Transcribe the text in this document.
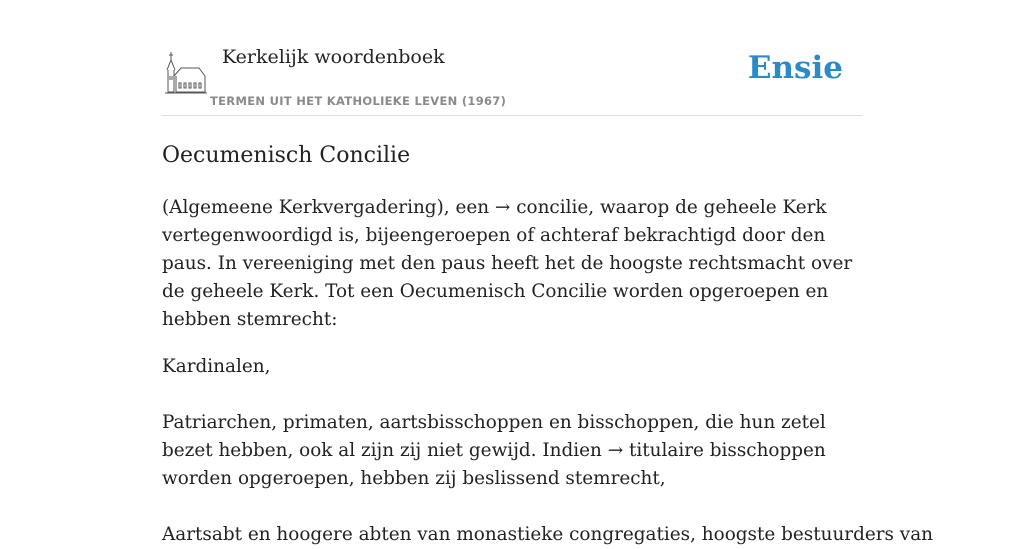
Kerkelijk woordenboek
TERMEN UIT HET KATHOLIEKE LEVEN (1967)
Ensie
Oecumenisch Concilie

(Algemeene Kerkvergadering), een → concilie, waarop de geheele Kerk vertegenwoordigd is, bijeengeroepen of achteraf bekrachtigd door den paus. In vereeniging met den paus heeft het de hoogste rechtsmacht over de geheele Kerk. Tot een Oecumenisch Concilie worden opgeroepen en hebben stemrecht:

Kardinalen,

Patriarchen, primaten, aartsbisschoppen en bisschoppen, die hun zetel bezet hebben, ook al zijn zij niet gewijd. Indien → titulaire bisschoppen worden opgeroepen, hebben zij beslissend stemrecht,

Aartsabt en hoogere abten van monastieke congregaties, hoogste bestuurders van
